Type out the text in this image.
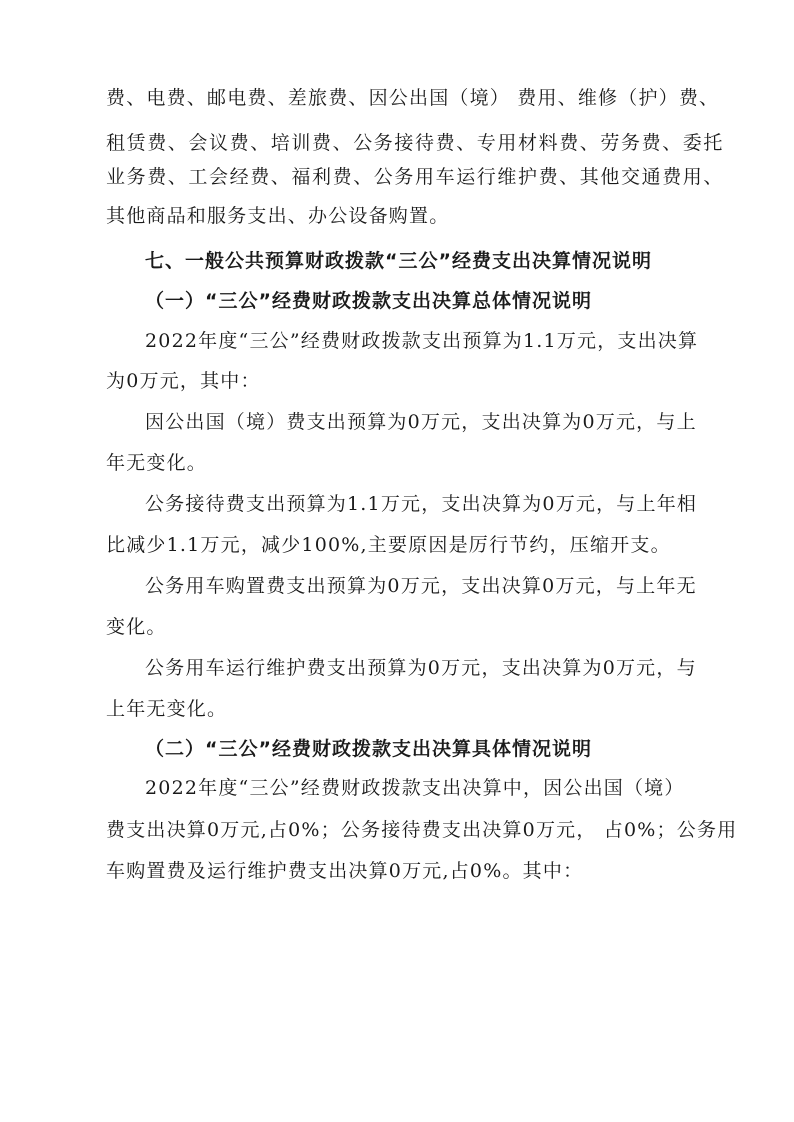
费、电费、邮电费、差旅费、因公出国（境） 费用、维修（护）费、
租赁费、会议费、培训费、公务接待费、专用材料费、劳务费、委托
业务费、工会经费、福利费、公务用车运行维护费、其他交通费用、
其他商品和服务支出、办公设备购置。
七、一般公共预算财政拨款“三公”经费支出决算情况说明
（一）“三公”经费财政拨款支出决算总体情况说明
2022年度“三公”经费财政拨款支出预算为1.1万元，支出决算
为0万元，其中：
因公出国（境）费支出预算为0万元，支出决算为0万元，与上
年无变化。
公务接待费支出预算为1.1万元，支出决算为0万元，与上年相
比减少1.1万元，减少100%,主要原因是厉行节约，压缩开支。
公务用车购置费支出预算为0万元，支出决算0万元，与上年无
变化。
公务用车运行维护费支出预算为0万元，支出决算为0万元，与
上年无变化。
（二）“三公”经费财政拨款支出决算具体情况说明
2022年度“三公”经费财政拨款支出决算中，因公出国（境）
费支出决算0万元,占0%；公务接待费支出决算0万元， 占0%；公务用
车购置费及运行维护费支出决算0万元,占0%。其中：
